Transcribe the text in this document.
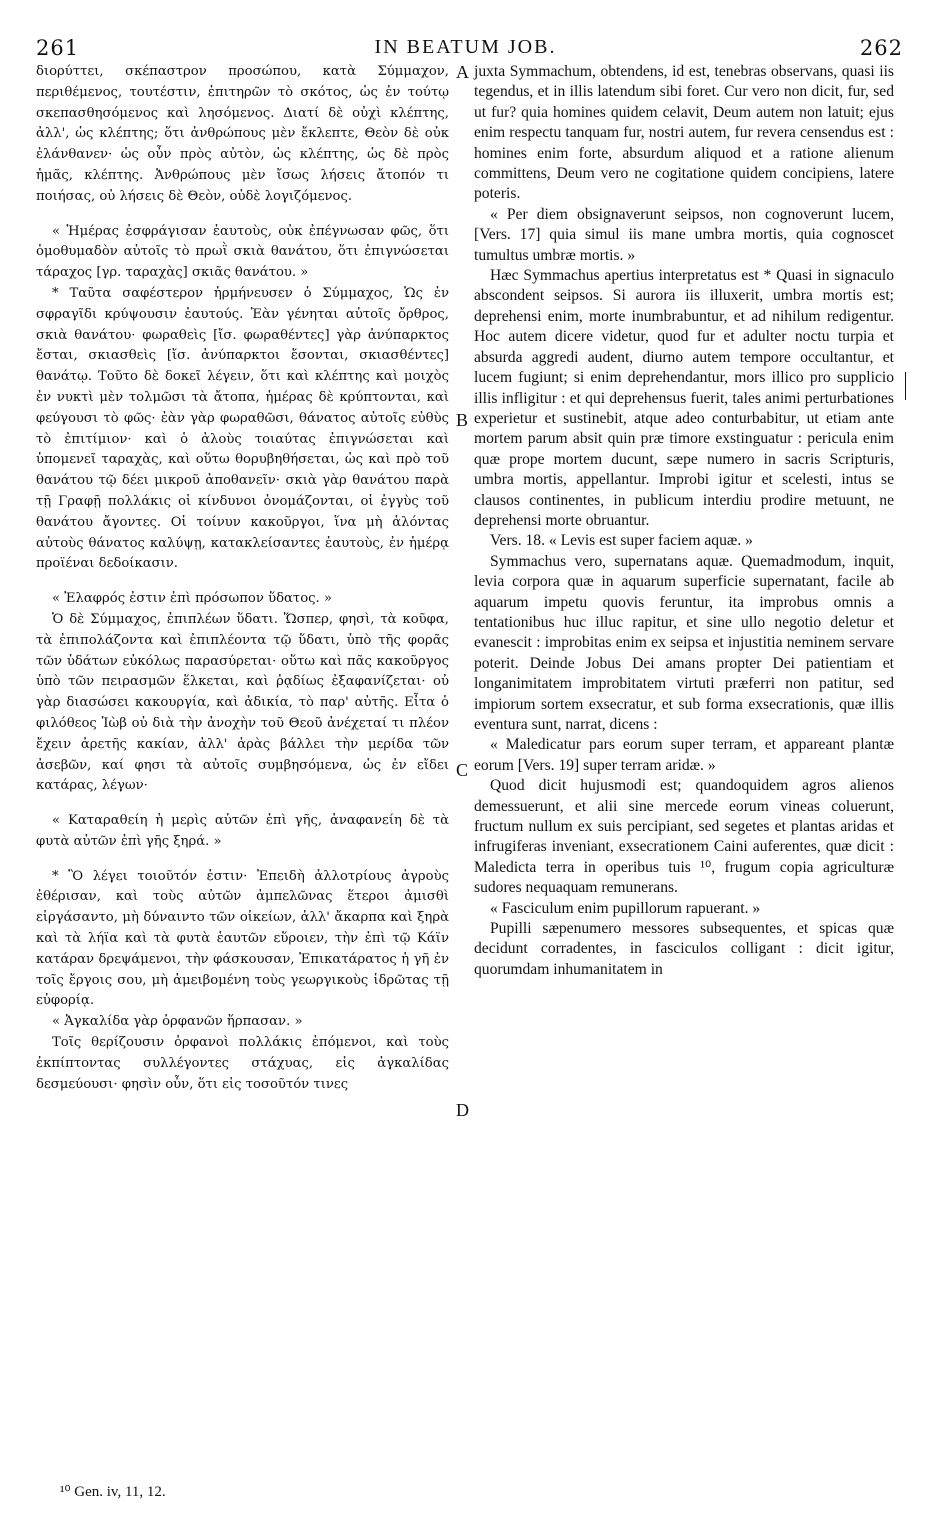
261	IN BEATUM JOB.	262
A
B
C
D

διορύττει, σκέπαστρον προσώπου, κατὰ Σύμμαχον, περιθέμενος, τουτέστιν, ἐπιτηρῶν τὸ σκότος, ὡς ἐν τούτῳ σκεπασθησόμενος καὶ λησόμενος. Διατί δὲ οὐχὶ κλέπτης, ἀλλ', ὡς κλέπτης; ὅτι ἀνθρώπους μὲν ἔκλεπτε, Θεὸν δὲ οὐκ ἐλάνθανεν· ὡς οὖν πρὸς αὐτὸν, ὡς κλέπτης, ὡς δὲ πρὸς ἡμᾶς, κλέπτης. Ἀνθρώπους μὲν ἴσως λήσεις ἄτοπόν τι ποιήσας, οὐ λήσεις δὲ Θεὸν, οὐδὲ λογιζόμενος.

« Ἡμέρας ἐσφράγισαν ἑαυτοὺς, οὐκ ἐπέγνωσαν φῶς, ὅτι ὁμοθυμαδὸν αὐτοῖς τὸ πρωῒ σκιὰ θανάτου, ὅτι ἐπιγνώσεται τάραχος [γρ. ταραχὰς] σκιᾶς θανάτου. »

* Ταῦτα σαφέστερον ἡρμήνευσεν ὁ Σύμμαχος, Ὡς ἐν σφραγῖδι κρύψουσιν ἑαυτούς. Ἐὰν γένηται αὐτοῖς ὄρθρος, σκιὰ θανάτου· φωραθεὶς [ἴσ. φωραθέντες] γὰρ ἀνύπαρκτος ἔσται, σκιασθεὶς [ἴσ. ἀνύπαρκτοι ἔσονται, σκιασθέντες] θανάτῳ. Τοῦτο δὲ δοκεῖ λέγειν, ὅτι καὶ κλέπτης καὶ μοιχὸς ἐν νυκτὶ μὲν τολμῶσι τὰ ἄτοπα, ἡμέρας δὲ κρύπτονται, καὶ φεύγουσι τὸ φῶς· ἐὰν γὰρ φωραθῶσι, θάνατος αὐτοῖς εὐθὺς τὸ ἐπιτίμιον· καὶ ὁ ἁλοὺς τοιαύτας ἐπιγνώσεται καὶ ὑπομενεῖ ταραχὰς, καὶ οὕτω θορυβηθήσεται, ὡς καὶ πρὸ τοῦ θανάτου τῷ δέει μικροῦ ἀποθανεῖν· σκιὰ γὰρ θανάτου παρὰ τῇ Γραφῇ πολλάκις οἱ κίνδυνοι ὀνομάζονται, οἱ ἐγγὺς τοῦ θανάτου ἄγοντες. Οἱ τοίνυν κακοῦργοι, ἵνα μὴ ἁλόντας αὐτοὺς θάνατος καλύψῃ, κατακλείσαντες ἑαυτοὺς, ἐν ἡμέρᾳ προϊέναι δεδοίκασιν.

« Ἐλαφρός ἐστιν ἐπὶ πρόσωπον ὕδατος. »

Ὁ δὲ Σύμμαχος, ἐπιπλέων ὕδατι. Ὥσπερ, φησὶ, τὰ κοῦφα, τὰ ἐπιπολάζοντα καὶ ἐπιπλέοντα τῷ ὕδατι, ὑπὸ τῆς φορᾶς τῶν ὑδάτων εὐκόλως παρασύρεται· οὕτω καὶ πᾶς κακοῦργος ὑπὸ τῶν πειρασμῶν ἕλκεται, καὶ ῥᾳδίως ἐξαφανίζεται· οὐ γὰρ διασώσει κακουργία, καὶ ἀδικία, τὸ παρ' αὐτῆς. Εἶτα ὁ φιλόθεος Ἰὼβ οὐ διὰ τὴν ἀνοχὴν τοῦ Θεοῦ ἀνέχεταί τι πλέον ἔχειν ἀρετῆς κακίαν, ἀλλ' ἀρὰς βάλλει τὴν μερίδα τῶν ἀσεβῶν, καί φησι τὰ αὐτοῖς συμβησόμενα, ὡς ἐν εἴδει κατάρας, λέγων·

« Καταραθείη ἡ μερὶς αὐτῶν ἐπὶ γῆς, ἀναφανείη δὲ τὰ φυτὰ αὐτῶν ἐπὶ γῆς ξηρά. »

* Ὃ λέγει τοιοῦτόν ἐστιν· Ἐπειδὴ ἀλλοτρίους ἀγροὺς ἐθέρισαν, καὶ τοὺς αὐτῶν ἀμπελῶνας ἕτεροι ἀμισθὶ εἰργάσαντο, μὴ δύναιντο τῶν οἰκείων, ἀλλ' ἄκαρπα καὶ ξηρὰ καὶ τὰ λήϊα καὶ τὰ φυτὰ ἑαυτῶν εὕροιεν, τὴν ἐπὶ τῷ Κάϊν κατάραν δρεψάμενοι, τὴν φάσκουσαν, Ἐπικατάρατος ἡ γῆ ἐν τοῖς ἔργοις σου, μὴ ἀμειβομένη τοὺς γεωργικοὺς ἱδρῶτας τῇ εὐφορίᾳ.

« Ἀγκαλίδα γὰρ ὀρφανῶν ἥρπασαν. »

Τοῖς θερίζουσιν ὀρφανοὶ πολλάκις ἑπόμενοι, καὶ τοὺς ἐκπίπτοντας συλλέγοντες στάχυας, εἰς ἀγκαλίδας δεσμεύουσι· φησὶν οὖν, ὅτι εἰς τοσοῦτόν τινες

juxta Symmachum, obtendens, id est, tenebras observans, quasi iis tegendus, et in illis latendum sibi foret. Cur vero non dicit, fur, sed ut fur? quia homines quidem celavit, Deum autem non latuit; ejus enim respectu tanquam fur, nostri autem, fur revera censendus est : homines enim forte, absurdum aliquod et a ratione alienum committens, Deum vero ne cogitatione quidem concipiens, latere poteris.

« Per diem obsignaverunt seipsos, non cognoverunt lucem, [Vers. 17] quia simul iis mane umbra mortis, quia cognoscet tumultus umbræ mortis. »

Hæc Symmachus apertius interpretatus est * Quasi in signaculo abscondent seipsos. Si aurora iis illuxerit, umbra mortis est; deprehensi enim, morte inumbrabuntur, et ad nihilum redigentur. Hoc autem dicere videtur, quod fur et adulter noctu turpia et absurda aggredi audent, diurno autem tempore occultantur, et lucem fugiunt; si enim deprehendantur, mors illico pro supplicio illis infligitur : et qui deprehensus fuerit, tales animi perturbationes experietur et sustinebit, atque adeo conturbabitur, ut etiam ante mortem parum absit quin præ timore exstinguatur : pericula enim quæ prope mortem ducunt, sæpe numero in sacris Scripturis, umbra mortis, appellantur. Improbi igitur et scelesti, intus se clausos continentes, in publicum interdiu prodire metuunt, ne deprehensi morte obruantur.

Vers. 18. « Levis est super faciem aquæ. »

Symmachus vero, supernatans aquæ. Quemadmodum, inquit, levia corpora quæ in aquarum superficie supernatant, facile ab aquarum impetu quovis feruntur, ita improbus omnis a tentationibus huc illuc rapitur, et sine ullo negotio deletur et evanescit : improbitas enim ex seipsa et injustitia neminem servare poterit. Deinde Jobus Dei amans propter Dei patientiam et longanimitatem improbitatem virtuti præferri non patitur, sed impiorum sortem exsecratur, et sub forma exsecrationis, quæ illis eventura sunt, narrat, dicens :

« Maledicatur pars eorum super terram, et appareant plantæ eorum [Vers. 19] super terram aridæ. »

Quod dicit hujusmodi est; quandoquidem agros alienos demessuerunt, et alii sine mercede eorum vineas coluerunt, fructum nullum ex suis percipiant, sed segetes et plantas aridas et infrugiferas inveniant, exsecrationem Caini auferentes, quæ dicit : Maledicta terra in operibus tuis ¹⁰, frugum copia agriculturæ sudores nequaquam remunerans.

« Fasciculum enim pupillorum rapuerant. »

Pupilli sæpenumero messores subsequentes, et spicas quæ decidunt corradentes, in fasciculos colligant : dicit igitur, quorumdam inhumanitatem in

¹⁰ Gen. iv, 11, 12.
